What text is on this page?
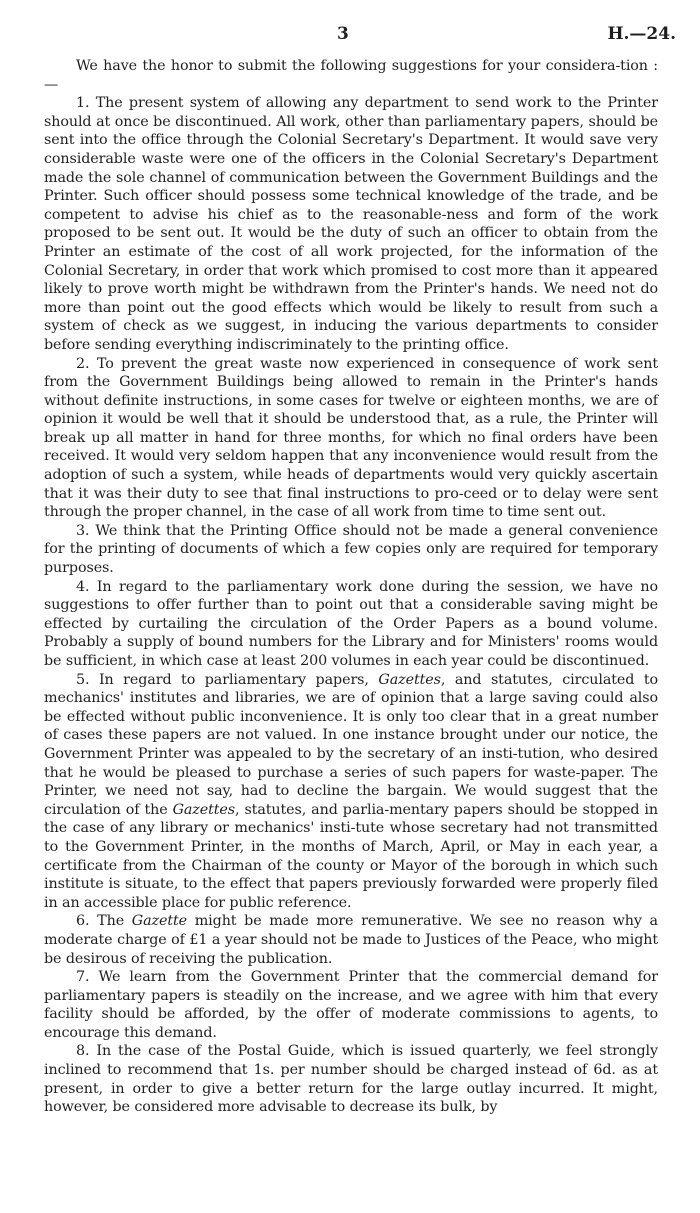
3	H.—24.

We have the honor to submit the following suggestions for your considera-tion :—

1. The present system of allowing any department to send work to the Printer should at once be discontinued. All work, other than parliamentary papers, should be sent into the office through the Colonial Secretary's Department. It would save very considerable waste were one of the officers in the Colonial Secretary's Department made the sole channel of communication between the Government Buildings and the Printer. Such officer should possess some technical knowledge of the trade, and be competent to advise his chief as to the reasonable-ness and form of the work proposed to be sent out. It would be the duty of such an officer to obtain from the Printer an estimate of the cost of all work projected, for the information of the Colonial Secretary, in order that work which promised to cost more than it appeared likely to prove worth might be withdrawn from the Printer's hands. We need not do more than point out the good effects which would be likely to result from such a system of check as we suggest, in inducing the various departments to consider before sending everything indiscriminately to the printing office.

2. To prevent the great waste now experienced in consequence of work sent from the Government Buildings being allowed to remain in the Printer's hands without definite instructions, in some cases for twelve or eighteen months, we are of opinion it would be well that it should be understood that, as a rule, the Printer will break up all matter in hand for three months, for which no final orders have been received. It would very seldom happen that any inconvenience would result from the adoption of such a system, while heads of departments would very quickly ascertain that it was their duty to see that final instructions to pro-ceed or to delay were sent through the proper channel, in the case of all work from time to time sent out.

3. We think that the Printing Office should not be made a general convenience for the printing of documents of which a few copies only are required for temporary purposes.

4. In regard to the parliamentary work done during the session, we have no suggestions to offer further than to point out that a considerable saving might be effected by curtailing the circulation of the Order Papers as a bound volume. Probably a supply of bound numbers for the Library and for Ministers' rooms would be sufficient, in which case at least 200 volumes in each year could be discontinued.

5. In regard to parliamentary papers, Gazettes, and statutes, circulated to mechanics' institutes and libraries, we are of opinion that a large saving could also be effected without public inconvenience. It is only too clear that in a great number of cases these papers are not valued. In one instance brought under our notice, the Government Printer was appealed to by the secretary of an insti-tution, who desired that he would be pleased to purchase a series of such papers for waste-paper. The Printer, we need not say, had to decline the bargain. We would suggest that the circulation of the Gazettes, statutes, and parlia-mentary papers should be stopped in the case of any library or mechanics' insti-tute whose secretary had not transmitted to the Government Printer, in the months of March, April, or May in each year, a certificate from the Chairman of the county or Mayor of the borough in which such institute is situate, to the effect that papers previously forwarded were properly filed in an accessible place for public reference.

6. The Gazette might be made more remunerative. We see no reason why a moderate charge of £1 a year should not be made to Justices of the Peace, who might be desirous of receiving the publication.

7. We learn from the Government Printer that the commercial demand for parliamentary papers is steadily on the increase, and we agree with him that every facility should be afforded, by the offer of moderate commissions to agents, to encourage this demand.

8. In the case of the Postal Guide, which is issued quarterly, we feel strongly inclined to recommend that 1s. per number should be charged instead of 6d. as at present, in order to give a better return for the large outlay incurred. It might, however, be considered more advisable to decrease its bulk, by
